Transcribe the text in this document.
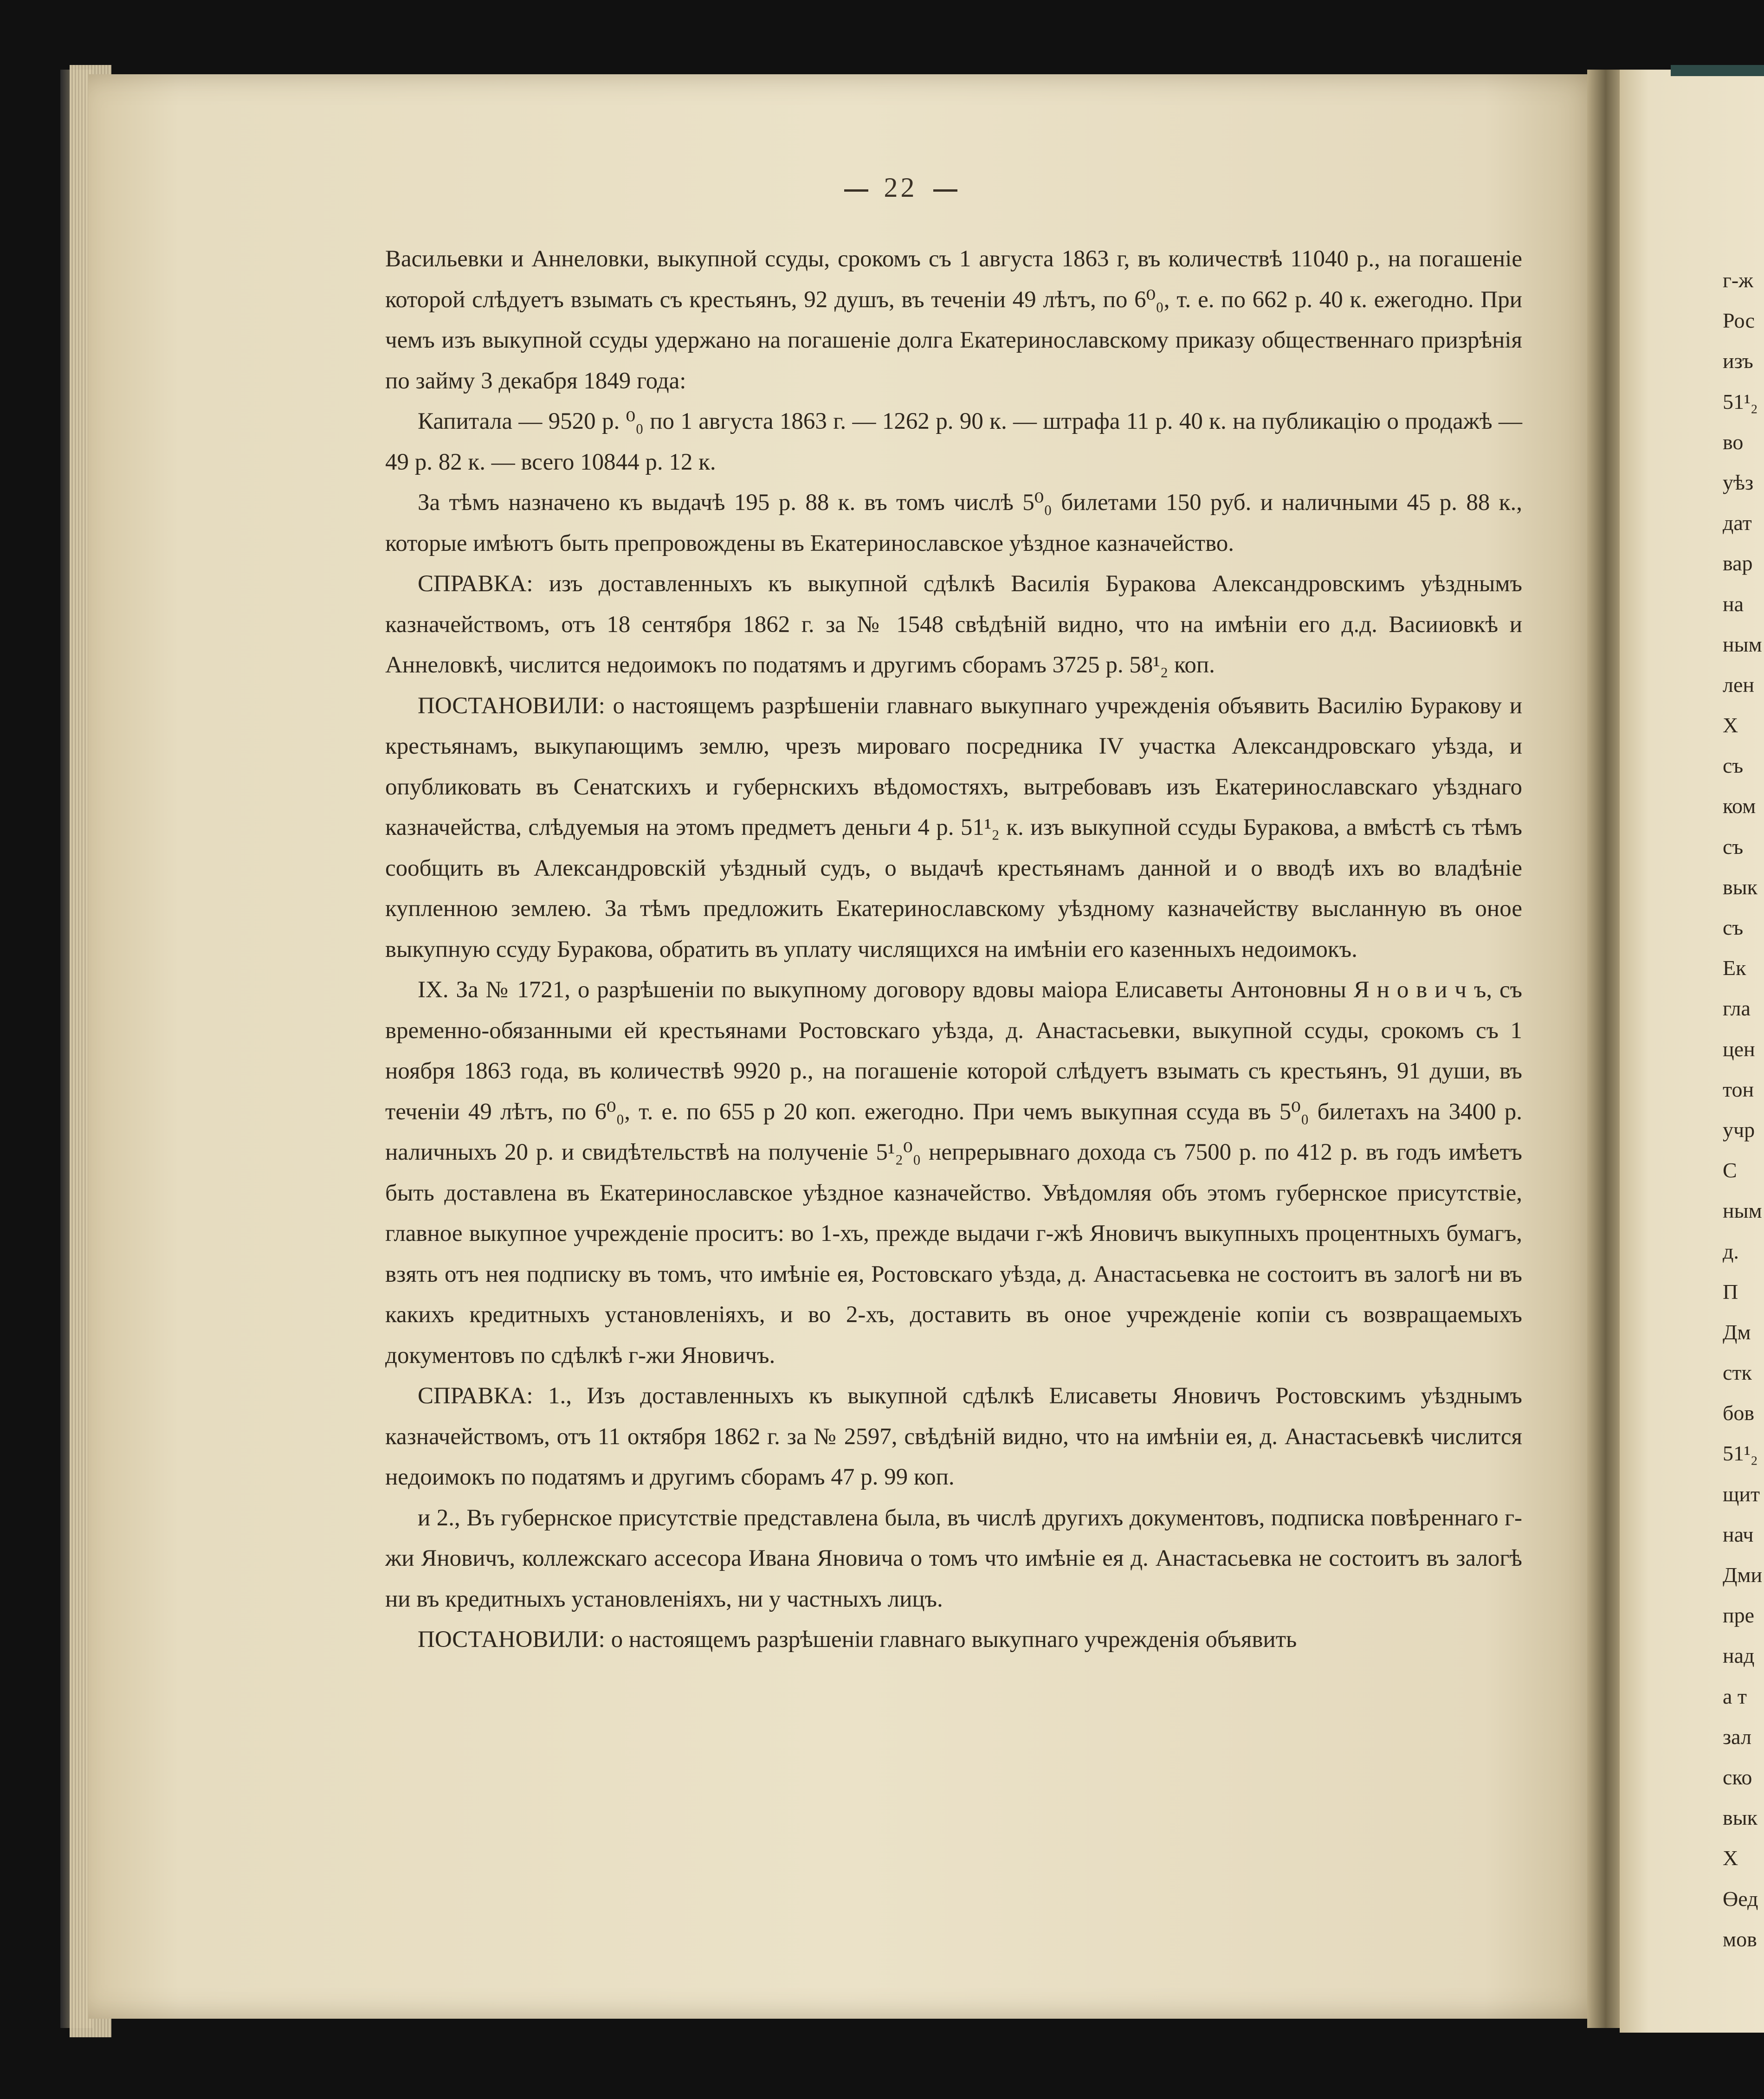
22

Васильевки и Аннеловки, выкупной ссуды, срокомъ съ 1 августа 1863 г, въ количествѣ 11040 р., на погашеніе которой слѣдуетъ взымать съ крестьянъ, 92 душъ, въ теченіи 49 лѣтъ, по 6⁰₀, т. е. по 662 р. 40 к. ежегодно. При чемъ изъ выкупной ссуды удержано на погашеніе долга Екатеринославскому приказу общественнаго призрѣнія по займу 3 декабря 1849 года:

Капитала — 9520 р. ⁰₀ по 1 августа 1863 г. — 1262 р. 90 к. — штрафа 11 р. 40 к. на публикацію о продажѣ — 49 р. 82 к. — всего 10844 р. 12 к.

За тѣмъ назначено къ выдачѣ 195 р. 88 к. въ томъ числѣ 5⁰₀ билетами 150 руб. и наличными 45 р. 88 к., которые имѣютъ быть препровождены въ Екатеринославское уѣздное казначейство.

СПРАВКА: изъ доставленныхъ къ выкупной сдѣлкѣ Василія Буракова Александровскимъ уѣзднымъ казначействомъ, отъ 18 сентября 1862 г. за № 1548 свѣдѣній видно, что на имѣніи его д.д. Васииовкѣ и Аннеловкѣ, числится недоимокъ по податямъ и другимъ сборамъ 3725 р. 58¹₂ коп.

ПОСТАНОВИЛИ: о настоящемъ разрѣшеніи главнаго выкупнаго учрежденія объявить Василію Буракову и крестьянамъ, выкупающимъ землю, чрезъ мироваго посредника IV участка Александровскаго уѣзда, и опубликовать въ Сенатскихъ и губернскихъ вѣдомостяхъ, вытребовавъ изъ Екатеринославскаго уѣзднаго казначейства, слѣдуемыя на этомъ предметъ деньги 4 р. 51¹₂ к. изъ выкупной ссуды Буракова, а вмѣстѣ съ тѣмъ сообщить въ Александровскій уѣздный судъ, о выдачѣ крестьянамъ данной и о вводѣ ихъ во владѣніе купленною землею. За тѣмъ предложить Екатеринославскому уѣздному казначейству высланную въ оное выкупную ссуду Буракова, обратить въ уплату числящихся на имѣніи его казенныхъ недоимокъ.

IX. За № 1721, о разрѣшеніи по выкупному договору вдовы маіора Елисаветы Антоновны Я н о в и ч ъ, съ временно-обязанными ей крестьянами Ростовскаго уѣзда, д. Анастасьевки, выкупной ссуды, срокомъ съ 1 ноября 1863 года, въ количествѣ 9920 р., на погашеніе которой слѣдуетъ взымать съ крестьянъ, 91 души, въ теченіи 49 лѣтъ, по 6⁰₀, т. е. по 655 р 20 коп. ежегодно. При чемъ выкупная ссуда въ 5⁰₀ билетахъ на 3400 р. наличныхъ 20 р. и свидѣтельствѣ на полученіе 5¹₂⁰₀ непрерывнаго дохода съ 7500 р. по 412 р. въ годъ имѣетъ быть доставлена въ Екатеринославское уѣздное казначейство. Увѣдомляя объ этомъ губернское присутствіе, главное выкупное учрежденіе проситъ: во 1-хъ, прежде выдачи г-жѣ Яновичъ выкупныхъ процентныхъ бумагъ, взять отъ нея подписку въ томъ, что имѣніе ея, Ростовскаго уѣзда, д. Анастасьевка не состоитъ въ залогѣ ни въ какихъ кредитныхъ установленіяхъ, и во 2-хъ, доставить въ оное учрежденіе копіи съ возвращаемыхъ документовъ по сдѣлкѣ г-жи Яновичъ.

СПРАВКА: 1., Изъ доставленныхъ къ выкупной сдѣлкѣ Елисаветы Яновичъ Ростовскимъ уѣзднымъ казначействомъ, отъ 11 октября 1862 г. за № 2597, свѣдѣній видно, что на имѣніи ея, д. Анастасьевкѣ числится недоимокъ по податямъ и другимъ сборамъ 47 р. 99 коп.

и 2., Въ губернское присутствіе представлена была, въ числѣ другихъ документовъ, подписка повѣреннаго г-жи Яновичъ, коллежскаго ассесора Ивана Яновича о томъ что имѣніе ея д. Анастасьевка не состоитъ въ залогѣ ни въ кредитныхъ установленіяхъ, ни у частныхъ лицъ.

ПОСТАНОВИЛИ: о настоящемъ разрѣшеніи главнаго выкупнаго учрежденія объявить

г-ж
Рос
изъ
51¹₂
во
уѣз
дат
вар
на
ным
лен
Х
съ
ком
съ
вык
съ
Ек
гла
цен
тон
учр
С
ным
д.
П
Дм
стк
бов
51¹₂
щит
нач
Дми
пре
над
а т
зал
ско
вык
Х
Өед
мов
